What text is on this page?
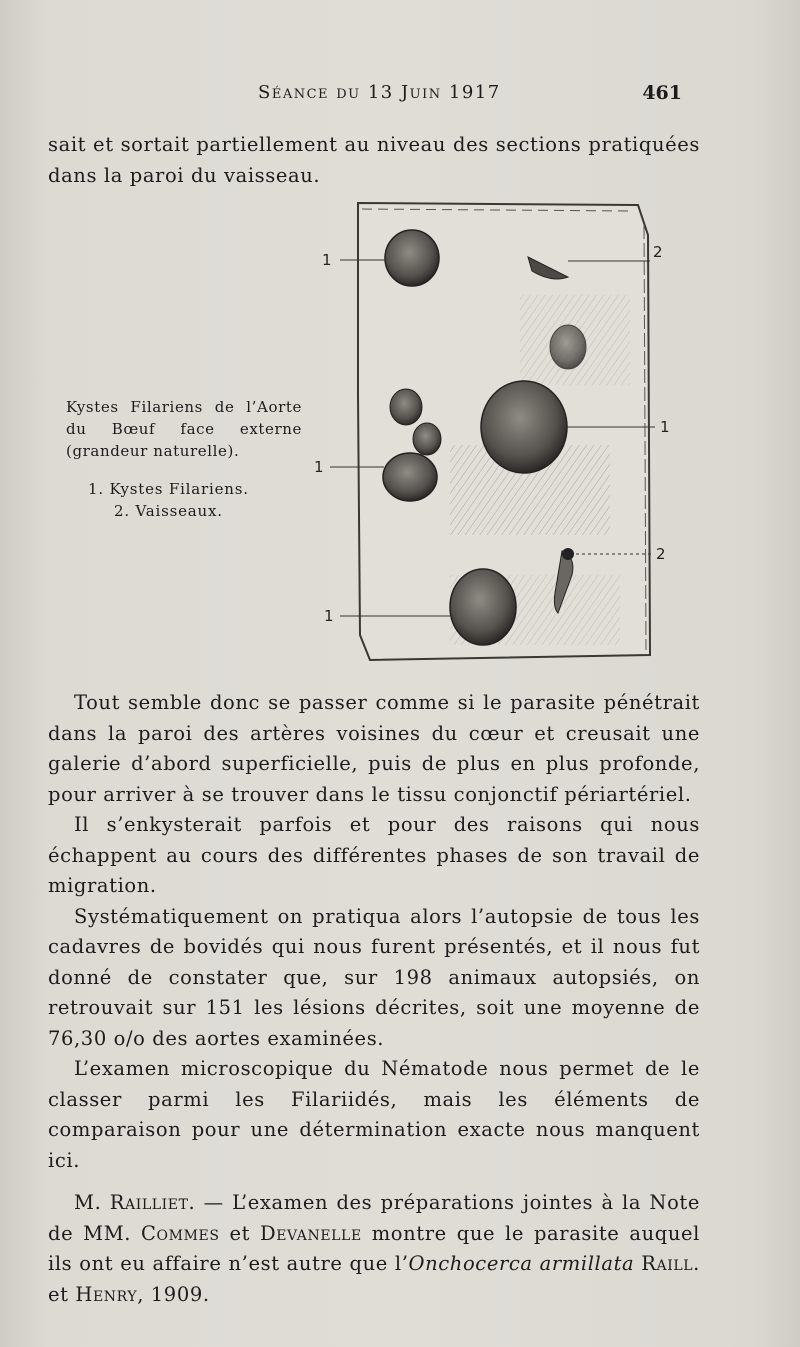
Séance du 13 Juin 1917	461

sait et sortait partiellement au niveau des sections pratiquées dans la paroi du vaisseau.

Kystes Filariens de l’Aorte du Bœuf face externe (grandeur naturelle).
1. Kystes Filariens.
2. Vaisseaux.
1	2
1
1
2
1

Tout semble donc se passer comme si le parasite pénétrait dans la paroi des artères voisines du cœur et creusait une galerie d’abord superficielle, puis de plus en plus profonde, pour arriver à se trouver dans le tissu conjonctif périartériel.

Il s’enkysterait parfois et pour des raisons qui nous échappent au cours des différentes phases de son travail de migration.

Systématiquement on pratiqua alors l’autopsie de tous les cadavres de bovidés qui nous furent présentés, et il nous fut donné de constater que, sur 198 animaux autopsiés, on retrouvait sur 151 les lésions décrites, soit une moyenne de 76,30 o/o des aortes examinées.

L’examen microscopique du Nématode nous permet de le classer parmi les Filariidés, mais les éléments de comparaison pour une détermination exacte nous manquent ici.

M. Railliet. — L’examen des préparations jointes à la Note de MM. Commes et Devanelle montre que le parasite auquel ils ont eu affaire n’est autre que l’Onchocerca armillata Raill. et Henry, 1909.
